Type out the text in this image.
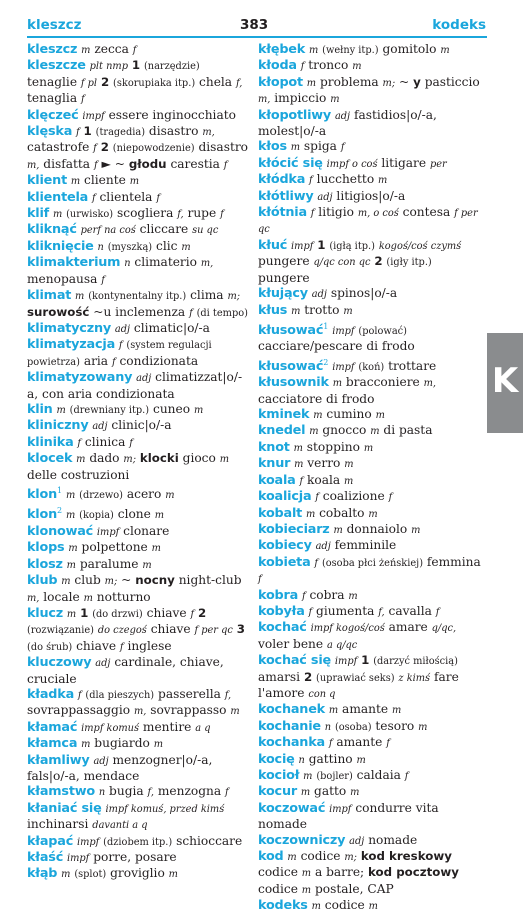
kleszcz	383	kodeks
kleszcz m zecca f
kleszcze plt nmp 1 (narzędzie) tenaglie f pl 2 (skorupiaka itp.) chela f, tenaglia f
klęczeć impf essere inginocchiato
klęska f 1 (tragedia) disastro m, catastrofe f 2 (niepowodzenie) disastro m, disfatta f ► ~ głodu carestia f
klient m cliente m
klientela f clientela f
klif m (urwisko) scogliera f, rupe f
kliknąć perf na coś cliccare su qc
kliknięcie n (myszką) clic m
klimakterium n climaterio m, menopausa f
klimat m (kontynentalny itp.) clima m; surowość ~u inclemenza f (di tempo)
klimatyczny adj climatic|o/-a
klimatyzacja f (system regulacji powietrza) aria f condizionata
klimatyzowany adj climatizzat|o/-a, con aria condizionata
klin m (drewniany itp.) cuneo m
kliniczny adj clinic|o/-a
klinika f clinica f
klocek m dado m; klocki gioco m delle costruzioni
klon$^1$ m (drzewo) acero m
klon$^2$ m (kopia) clone m
klonować impf clonare
klops m polpettone m
klosz m paralume m
klub m club m; ~ nocny night-club m, locale m notturno
klucz m 1 (do drzwi) chiave f 2 (rozwiązanie) do czegoś chiave f per qc 3 (do śrub) chiave f inglese
kluczowy adj cardinale, chiave, cruciale
kładka f (dla pieszych) passerella f, sovrappassaggio m, sovrappasso m
kłamać impf komuś mentire a q
kłamca m bugiardo m
kłamliwy adj menzogner|o/-a, fals|o/-a, mendace
kłamstwo n bugia f, menzogna f
kłaniać się impf komuś, przed kimś inchinarsi davanti a q
kłapać impf (dziobem itp.) schioccare
kłaść impf porre, posare
kłąb m (splot) groviglio m
kłębek m (wełny itp.) gomitolo m
kłoda f tronco m
kłopot m problema m; ~ y pasticcio m, impiccio m
kłopotliwy adj fastidios|o/-a, molest|o/-a
kłos m spiga f
kłócić się impf o coś litigare per
kłódka f lucchetto m
kłótliwy adj litigios|o/-a
kłótnia f litigio m, o coś contesa f per qc
kłuć impf 1 (igłą itp.) kogoś/coś czymś pungere q/qc con qc 2 (igły itp.) pungere
kłujący adj spinos|o/-a
kłus m trotto m
kłusować$^1$ impf (polować) cacciare/pescare di frodo
kłusować$^2$ impf (koń) trottare
kłusownik m bracconiere m, cacciatore di frodo
kminek m cumino m
knedel m gnocco m di pasta
knot m stoppino m
knur m verro m
koala f koala m
koalicja f coalizione f
kobalt m cobalto m
kobieciarz m donnaiolo m
kobiecy adj femminile
kobieta f (osoba płci żeńskiej) femmina f
kobra f cobra m
kobyła f giumenta f, cavalla f
kochać impf kogoś/coś amare q/qc, voler bene a q/qc
kochać się impf 1 (darzyć miłością) amarsi 2 (uprawiać seks) z kimś fare l'amore con q
kochanek m amante m
kochanie n (osoba) tesoro m
kochanka f amante f
kocię n gattino m
kocioł m (bojler) caldaia f
kocur m gatto m
koczować impf condurre vita nomade
koczowniczy adj nomade
kod m codice m; kod kreskowy codice m a barre; kod pocztowy codice m postale, CAP
kodeks m codice m
K
